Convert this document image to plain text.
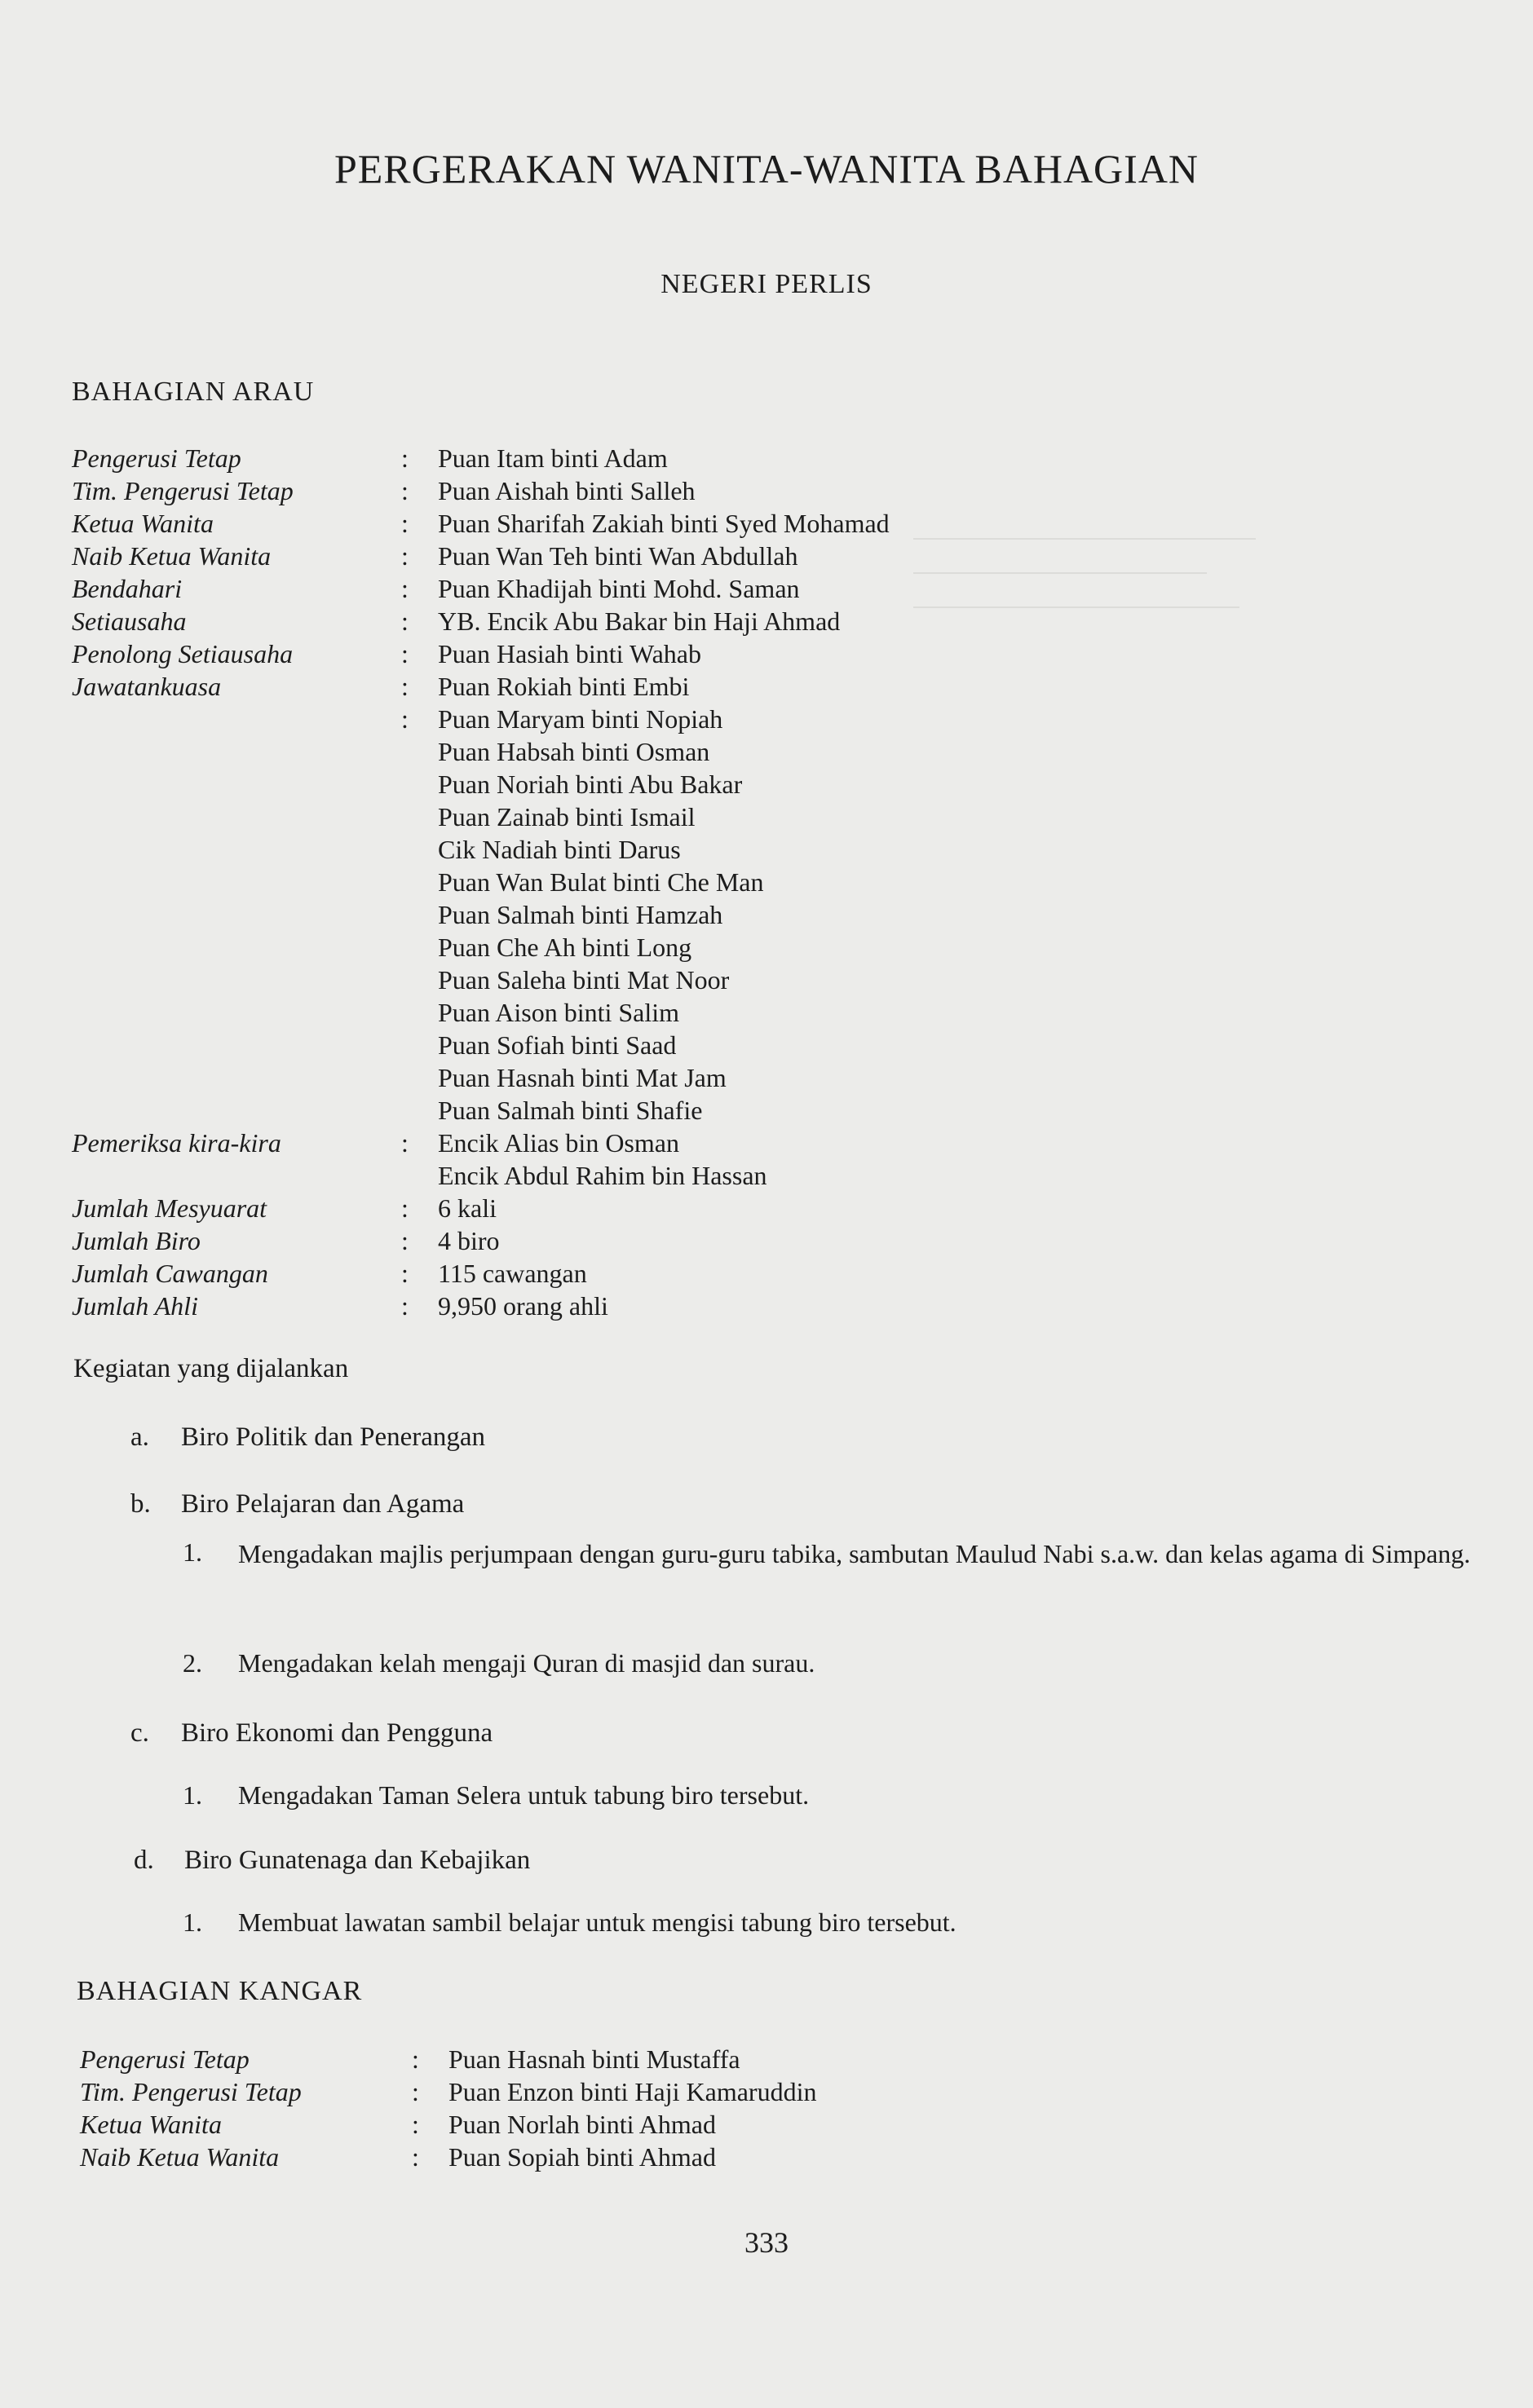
PERGERAKAN WANITA-WANITA BAHAGIAN
NEGERI PERLIS
BAHAGIAN ARAU
Pengerusi Tetap	: Puan Itam binti Adam
Tim. Pengerusi Tetap	: Puan Aishah binti Salleh
Ketua Wanita	: Puan Sharifah Zakiah binti Syed Mohamad
Naib Ketua Wanita	: Puan Wan Teh binti Wan Abdullah
Bendahari	: Puan Khadijah binti Mohd. Saman
Setiausaha	: YB. Encik Abu Bakar bin Haji Ahmad
Penolong Setiausaha	: Puan Hasiah binti Wahab
Jawatankuasa	: Puan Rokiah binti Embi
: Puan Maryam binti Nopiah
Puan Habsah binti Osman
Puan Noriah binti Abu Bakar
Puan Zainab binti Ismail
Cik Nadiah binti Darus
Puan Wan Bulat binti Che Man
Puan Salmah binti Hamzah
Puan Che Ah binti Long
Puan Saleha binti Mat Noor
Puan Aison binti Salim
Puan Sofiah binti Saad
Puan Hasnah binti Mat Jam
Puan Salmah binti Shafie
Pemeriksa kira-kira	: Encik Alias bin Osman
Encik Abdul Rahim bin Hassan
Jumlah Mesyuarat	: 6 kali
Jumlah Biro	: 4 biro
Jumlah Cawangan	: 115 cawangan
Jumlah Ahli	: 9,950 orang ahli
Kegiatan yang dijalankan
a. Biro Politik dan Penerangan
b. Biro Pelajaran dan Agama
1. Mengadakan majlis perjumpaan dengan guru-guru tabika, sambutan Maulud Nabi s.a.w. dan kelas agama di Simpang.
2. Mengadakan kelah mengaji Quran di masjid dan surau.
c. Biro Ekonomi dan Pengguna
1. Mengadakan Taman Selera untuk tabung biro tersebut.
d. Biro Gunatenaga dan Kebajikan
1. Membuat lawatan sambil belajar untuk mengisi tabung biro tersebut.
BAHAGIAN KANGAR
Pengerusi Tetap	: Puan Hasnah binti Mustaffa
Tim. Pengerusi Tetap	: Puan Enzon binti Haji Kamaruddin
Ketua Wanita	: Puan Norlah binti Ahmad
Naib Ketua Wanita	: Puan Sopiah binti Ahmad
333
